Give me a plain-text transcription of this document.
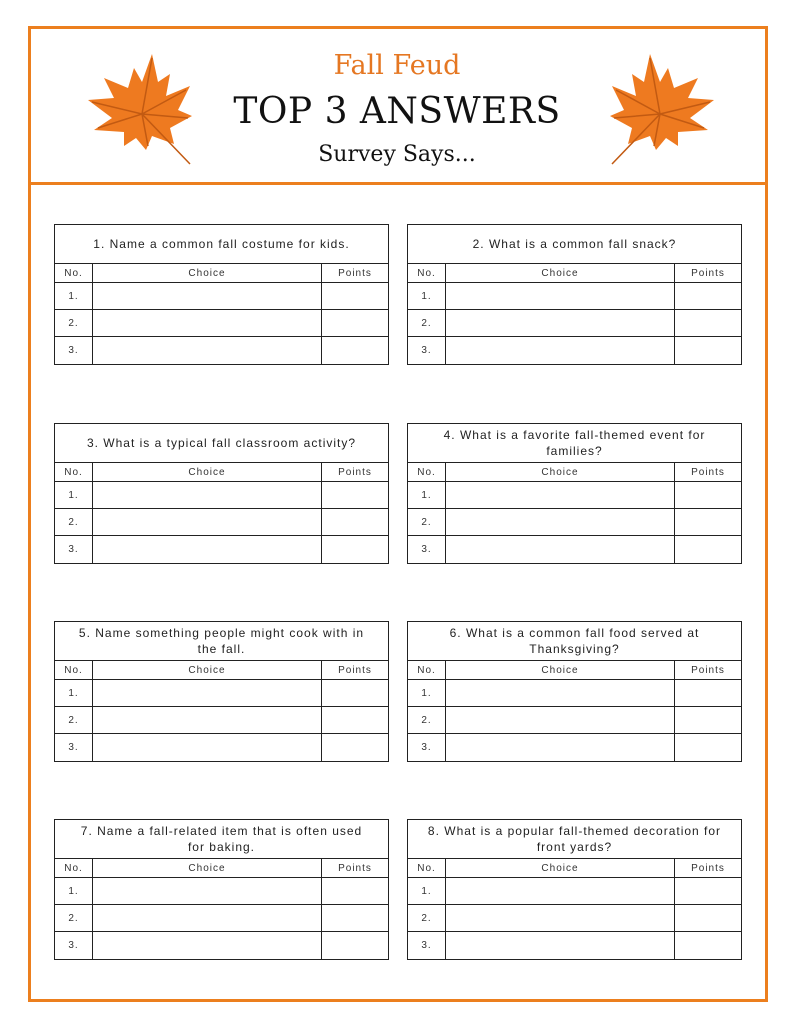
Fall Feud
TOP 3 ANSWERS
Survey Says...
1. Name a common fall costume for kids.
No.	Choice	Points
1.
2.
3.
2. What is a common fall snack?
No.	Choice	Points
1.
2.
3.
3. What is a typical fall classroom activity?
No.	Choice	Points
1.
2.
3.
4. What is a favorite fall-themed event for families?
No.	Choice	Points
1.
2.
3.
5. Name something people might cook with in the fall.
No.	Choice	Points
1.
2.
3.
6. What is a common fall food served at Thanksgiving?
No.	Choice	Points
1.
2.
3.
7. Name a fall-related item that is often used for baking.
No.	Choice	Points
1.
2.
3.
8. What is a popular fall-themed decoration for front yards?
No.	Choice	Points
1.
2.
3.
